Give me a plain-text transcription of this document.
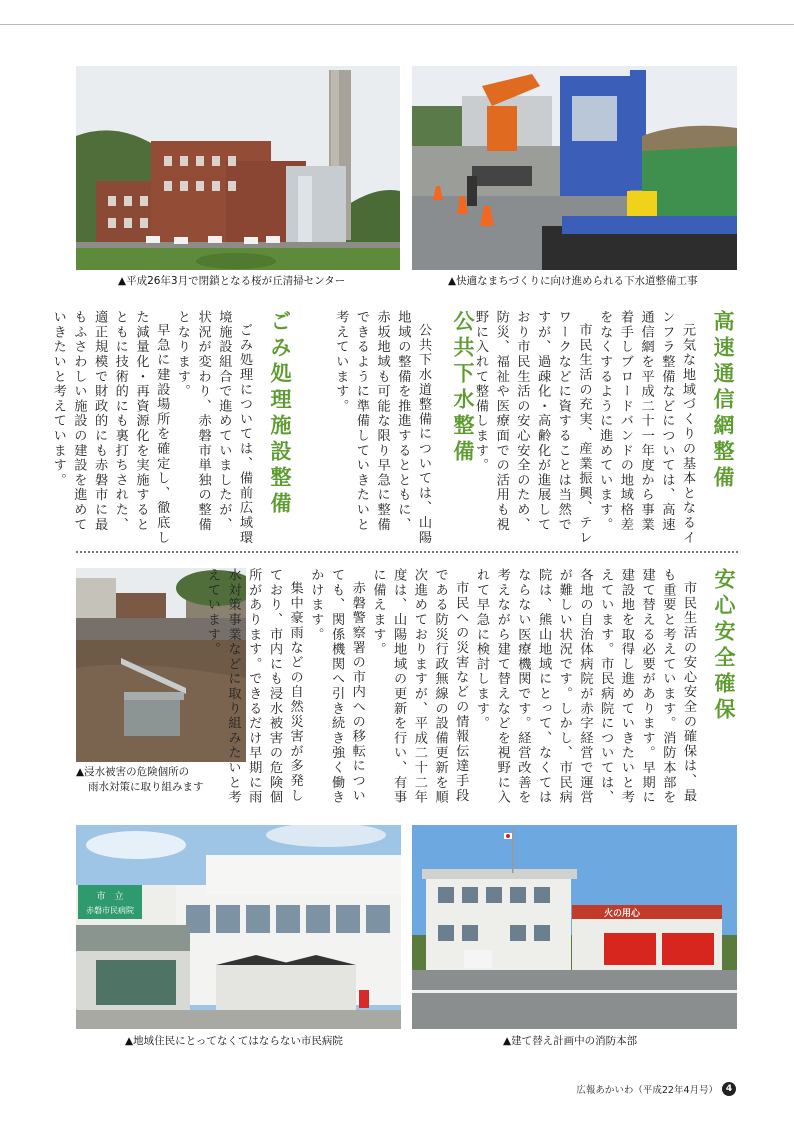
▲平成26年3月で閉鎖となる桜が丘清掃センター	▲快適なまちづくりに向け進められる下水道整備工事

高速通信網整備

元気な地域づくりの基本となるインフラ整備などについては、高速通信網を平成二十一年度から事業着手しブロードバンドの地域格差をなくするように進めています。

市民生活の充実、産業振興、テレワークなどに資することは当然ですが、過疎化・高齢化が進展しており市民生活の安心安全のため、防災、福祉や医療面での活用も視野に入れて整備します。

公共下水整備

公共下水道整備については、山陽地域の整備を推進するとともに、赤坂地域も可能な限り早急に整備できるように準備していきたいと考えています。

ごみ処理施設整備

ごみ処理については、備前広域環境施設組合で進めていましたが、状況が変わり、赤磐市単独の整備となります。

早急に建設場所を確定し、徹底した減量化・再資源化を実施するとともに技術的にも裏打ちされた、適正規模で財政的にも赤磐市に最もふさわしい施設の建設を進めていきたいと考えています。

▲浸水被害の危険個所の
雨水対策に取り組みます

安心安全確保

市民生活の安心安全の確保は、最も重要と考えています。消防本部を建て替える必要があります。早期に建設地を取得し進めていきたいと考えています。市民病院については、各地の自治体病院が赤字経営で運営が難しい状況です。しかし、市民病院は、熊山地域にとって、なくてはならない医療機関です。経営改善を考えながら建て替えなどを視野に入れて早急に検討します。

市民への災害などの情報伝達手段である防災行政無線の設備更新を順次進めておりますが、平成二十二年度は、山陽地域の更新を行い、有事に備えます。

赤磐警察署の市内への移転についても、関係機関へ引き続き強く働きかけます。

集中豪雨などの自然災害が多発しており、市内にも浸水被害の危険個所があります。できるだけ早期に雨水対策事業などに取り組みたいと考えています。

市　立
赤磐市民病院
▲地域住民にとってなくてはならない市民病院
火の用心
▲建て替え計画中の消防本部
広報あかいわ（平成22年4月号） 4
